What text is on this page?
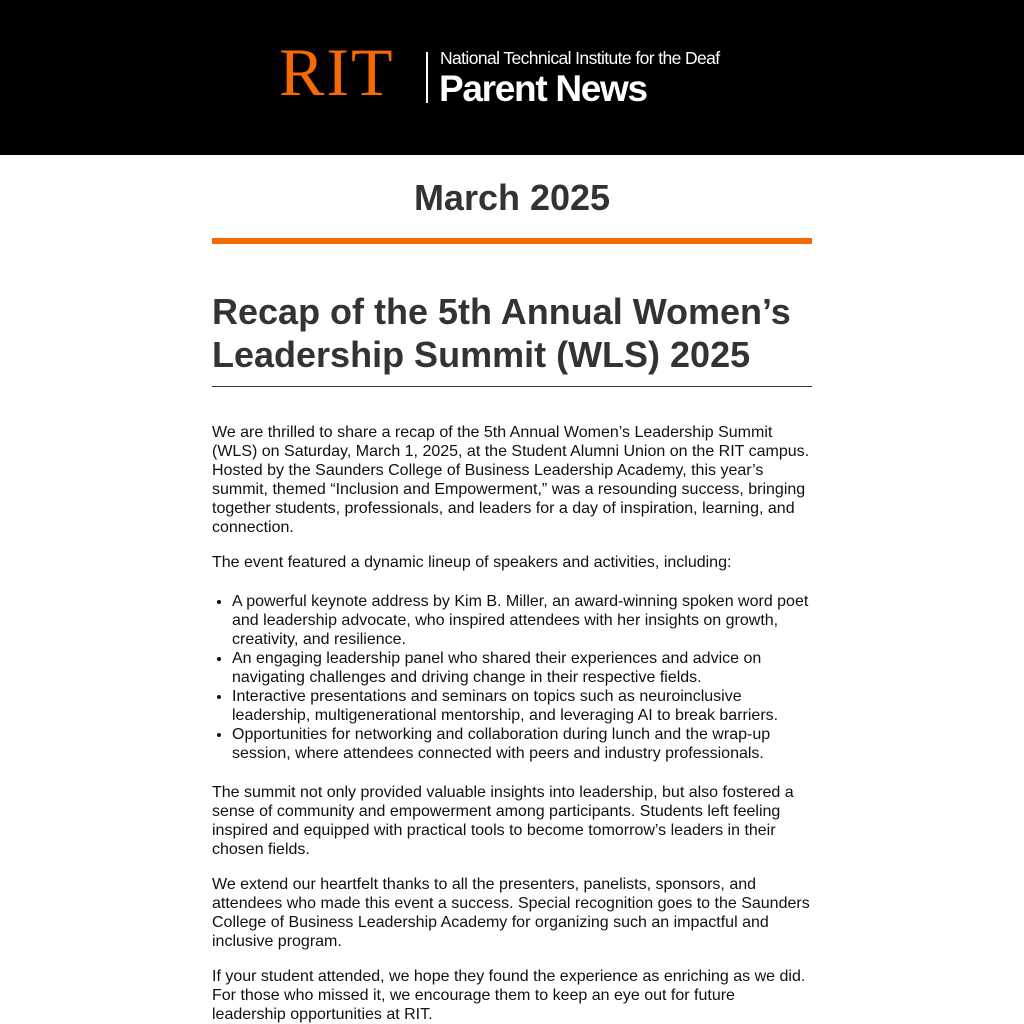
RIT	National Technical Institute for the Deaf
Parent News
March 2025
Recap of the 5th Annual Women’s Leadership Summit (WLS) 2025

We are thrilled to share a recap of the 5th Annual Women’s Leadership Summit (WLS) on Saturday, March 1, 2025, at the Student Alumni Union on the RIT campus. Hosted by the Saunders College of Business Leadership Academy, this year’s summit, themed “Inclusion and Empowerment,” was a resounding success, bringing together students, professionals, and leaders for a day of inspiration, learning, and connection.

The event featured a dynamic lineup of speakers and activities, including:

• A powerful keynote address by Kim B. Miller, an award-winning spoken word poet and leadership advocate, who inspired attendees with her insights on growth, creativity, and resilience.
• An engaging leadership panel who shared their experiences and advice on navigating challenges and driving change in their respective fields.
• Interactive presentations and seminars on topics such as neuroinclusive leadership, multigenerational mentorship, and leveraging AI to break barriers.
• Opportunities for networking and collaboration during lunch and the wrap-up session, where attendees connected with peers and industry professionals.

The summit not only provided valuable insights into leadership, but also fostered a sense of community and empowerment among participants. Students left feeling inspired and equipped with practical tools to become tomorrow’s leaders in their chosen fields.

We extend our heartfelt thanks to all the presenters, panelists, sponsors, and attendees who made this event a success. Special recognition goes to the Saunders College of Business Leadership Academy for organizing such an impactful and inclusive program.

If your student attended, we hope they found the experience as enriching as we did. For those who missed it, we encourage them to keep an eye out for future leadership opportunities at RIT.
